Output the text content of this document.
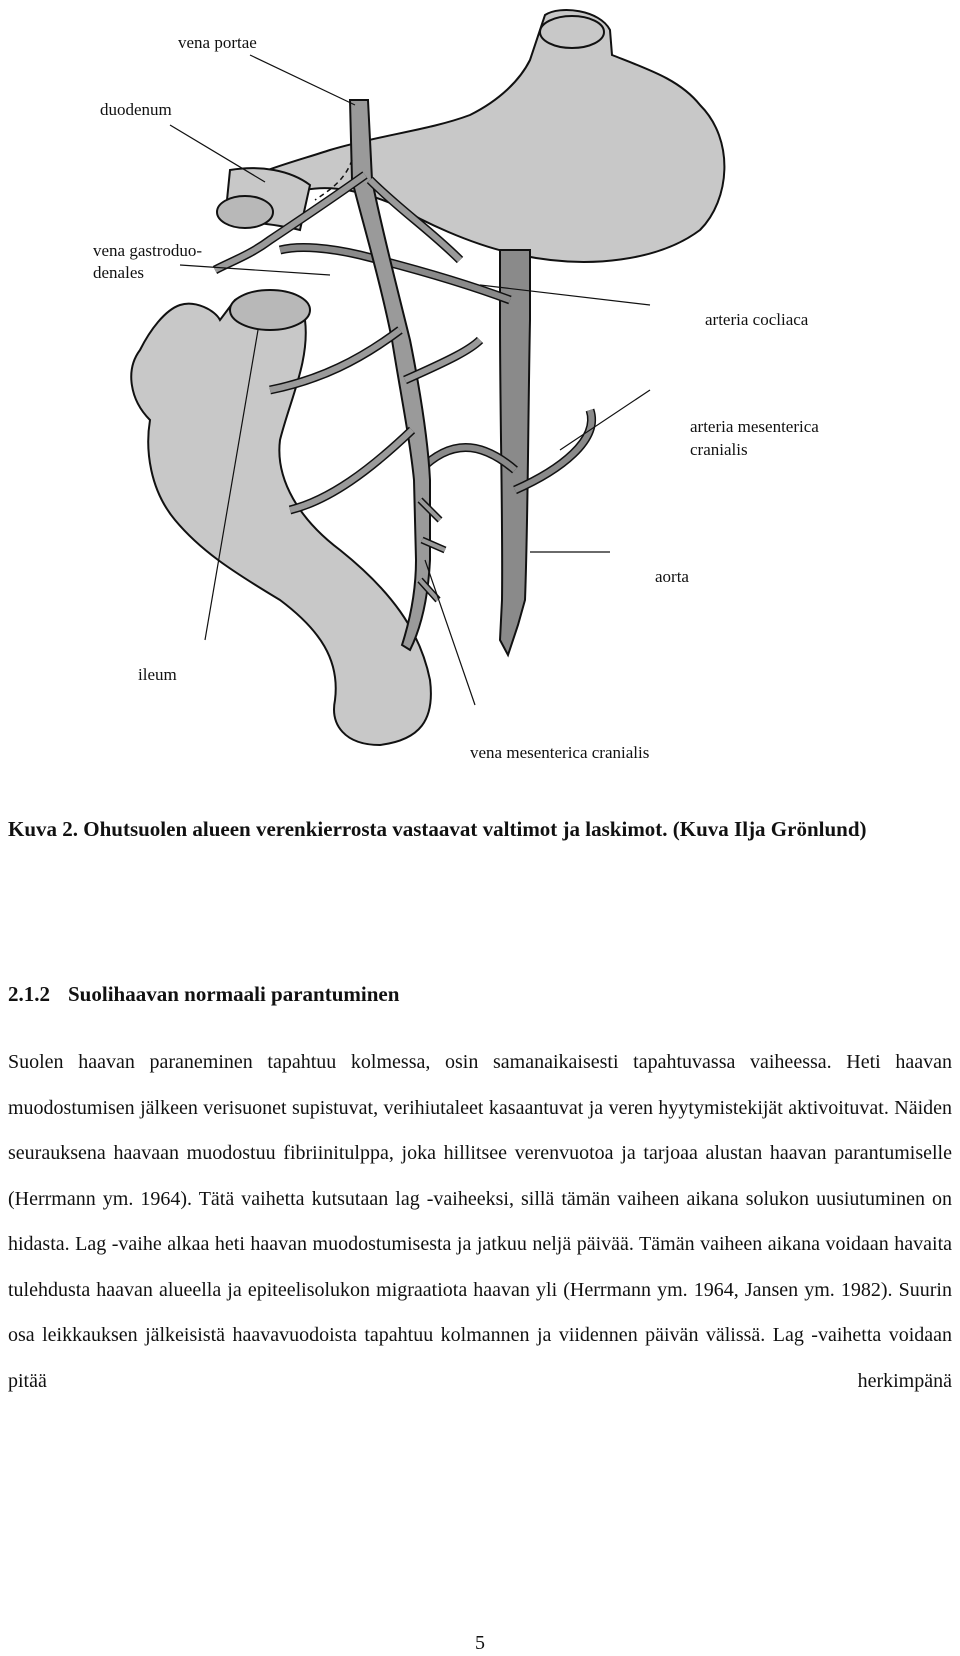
vena portae
duodenum
vena gastroduo-
denales
arteria cocliaca
arteria mesenterica
cranialis
aorta
ileum
vena mesenterica cranialis
Kuva 2. Ohutsuolen alueen verenkierrosta vastaavat valtimot ja laskimot. (Kuva Ilja Grönlund)
2.1.2 Suolihaavan normaali parantuminen

Suolen haavan paraneminen tapahtuu kolmessa, osin samanaikaisesti tapahtuvassa vaiheessa. Heti haavan muodostumisen jälkeen verisuonet supistuvat, verihiutaleet kasaantuvat ja veren hyytymistekijät aktivoituvat. Näiden seurauksena haavaan muodostuu fibriinitulppa, joka hillitsee verenvuotoa ja tarjoaa alustan haavan parantumiselle (Herrmann ym. 1964). Tätä vaihetta kutsutaan lag -vaiheeksi, sillä tämän vaiheen aikana solukon uusiutuminen on hidasta. Lag -vaihe alkaa heti haavan muodostumisesta ja jatkuu neljä päivää. Tämän vaiheen aikana voidaan havaita tulehdusta haavan alueella ja epiteelisolukon migraatiota haavan yli (Herrmann ym. 1964, Jansen ym. 1982). Suurin osa leikkauksen jälkeisistä haavavuodoista tapahtuu kolmannen ja viidennen päivän välissä. Lag -vaihetta voidaan pitää herkimpänä

5
